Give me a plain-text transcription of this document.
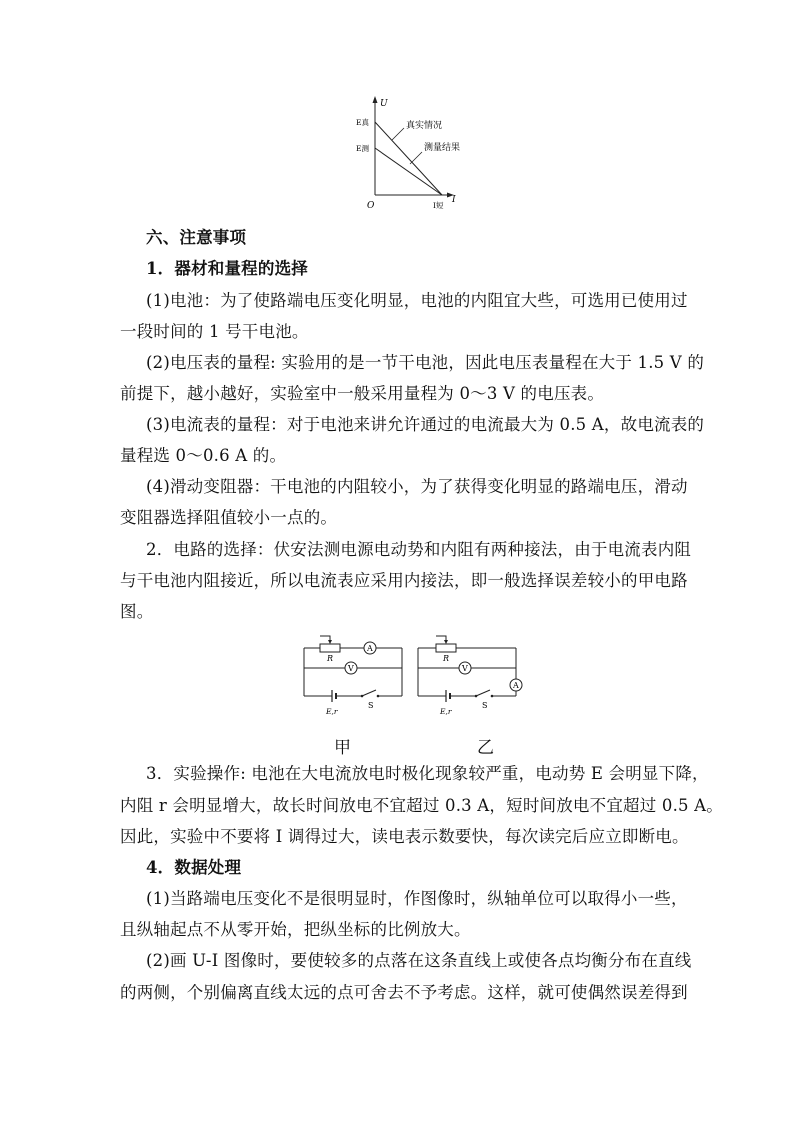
U
I
O
E真
E测
I短
真实情况
测量结果
六、注意事项
1．器材和量程的选择
(1)电池：为了使路端电压变化明显，电池的内阻宜大些，可选用已使用过
一段时间的 1 号干电池。
(2)电压表的量程: 实验用的是一节干电池，因此电压表量程在大于 1.5 V 的
前提下，越小越好，实验室中一般采用量程为 0～3 V 的电压表。
(3)电流表的量程：对于电池来讲允许通过的电流最大为 0.5 A，故电流表的
量程选 0～0.6 A 的。
(4)滑动变阻器：干电池的内阻较小，为了获得变化明显的路端电压，滑动
变阻器选择阻值较小一点的。
2．电路的选择：伏安法测电源电动势和内阻有两种接法，由于电流表内阻
与干电池内阻接近，所以电流表应采用内接法，即一般选择误差较小的甲电路
图。
R
A
V
E,r
S
R
A
V
E,r
S
甲	乙
3．实验操作: 电池在大电流放电时极化现象较严重，电动势 E 会明显下降，
内阻 r 会明显增大，故长时间放电不宜超过 0.3 A，短时间放电不宜超过 0.5 A。
因此，实验中不要将 I 调得过大，读电表示数要快，每次读完后应立即断电。
4．数据处理
(1)当路端电压变化不是很明显时，作图像时，纵轴单位可以取得小一些，
且纵轴起点不从零开始，把纵坐标的比例放大。
(2)画 U-I 图像时，要使较多的点落在这条直线上或使各点均衡分布在直线
的两侧，个别偏离直线太远的点可舍去不予考虑。这样，就可使偶然误差得到
